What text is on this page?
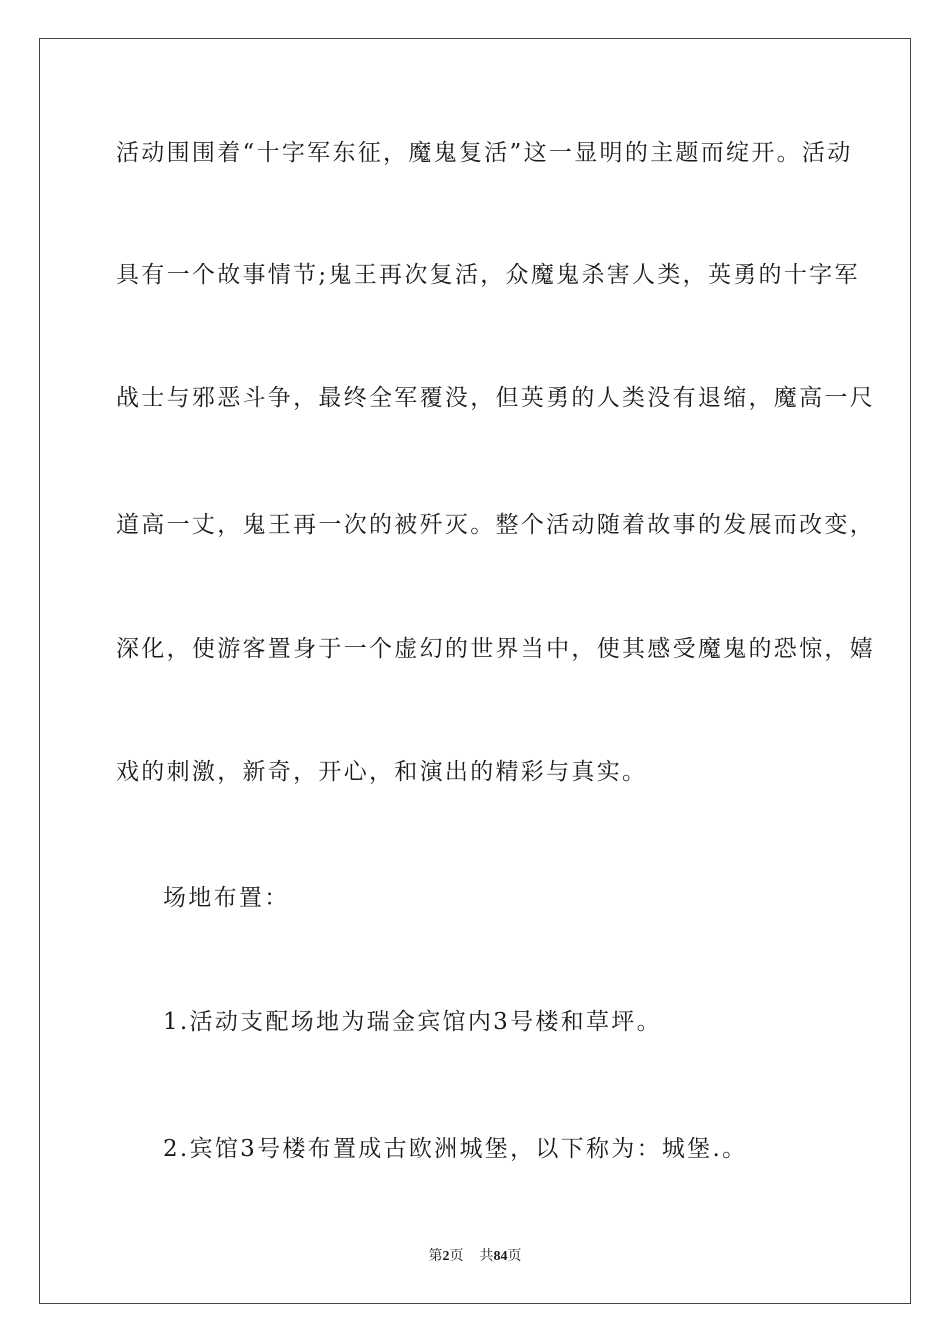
活动围围着“十字军东征，魔鬼复活”这一显明的主题而绽开。活动
具有一个故事情节;鬼王再次复活，众魔鬼杀害人类，英勇的十字军
战士与邪恶斗争，最终全军覆没，但英勇的人类没有退缩，魔高一尺
道高一丈，鬼王再一次的被歼灭。整个活动随着故事的发展而改变，
深化，使游客置身于一个虚幻的世界当中，使其感受魔鬼的恐惊，嬉
戏的刺激，新奇，开心，和演出的精彩与真实。
场地布置：
1.活动支配场地为瑞金宾馆内3号楼和草坪。
2.宾馆3号楼布置成古欧洲城堡，以下称为：城堡.。
第2页 共84页
